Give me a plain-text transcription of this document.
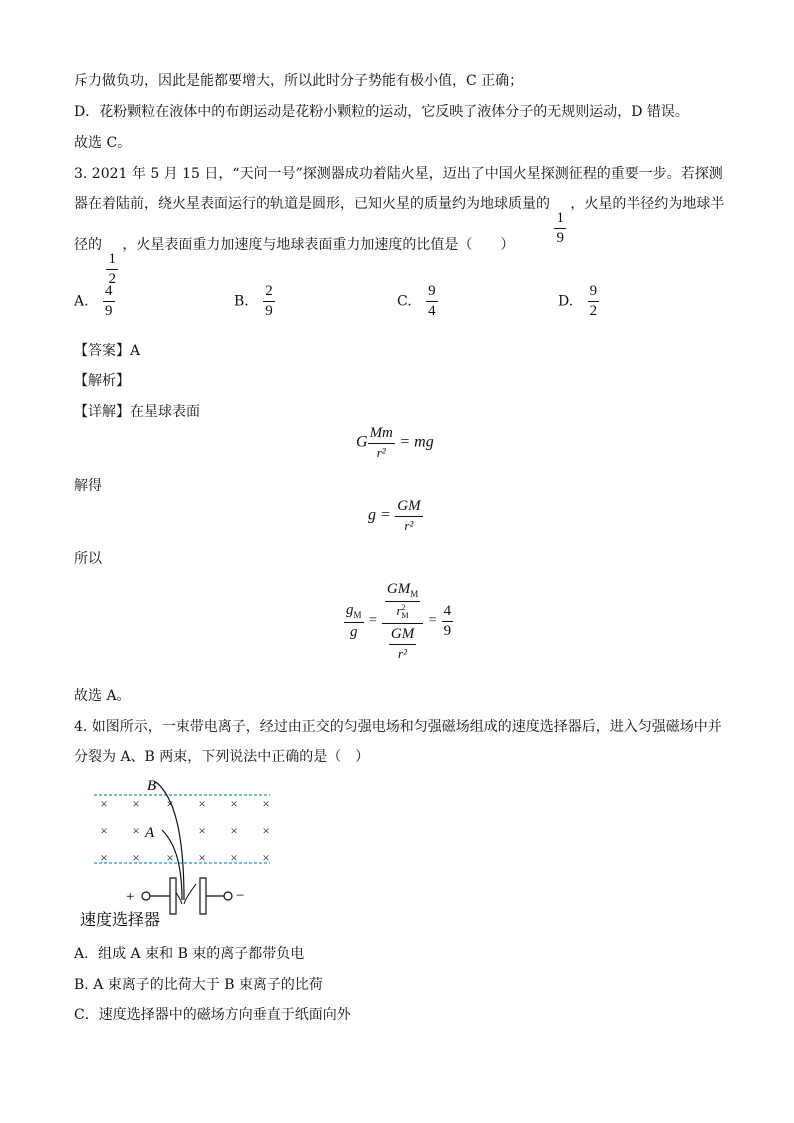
斥力做负功，因此是能都要增大，所以此时分子势能有极小值，C 正确；
D．花粉颗粒在液体中的布朗运动是花粉小颗粒的运动，它反映了液体分子的无规则运动，D 错误。
故选 C。
3. 2021 年 5 月 15 日，“天问一号”探测器成功着陆火星，迈出了中国火星探测征程的重要一步。若探测
器在着陆前，绕火星表面运行的轨道是圆形，已知火星的质量约为地球质量的
$\frac{1}{9}$
，火星的半径约为地球半
径的
$\frac{1}{2}$
，火星表面重力加速度与地球表面重力加速度的比值是（　　）
A. $\frac{4}{9}$	B. $\frac{2}{9}$	C. $\frac{9}{4}$	D. $\frac{9}{2}$
【答案】A
【解析】
【详解】在星球表面
G $\frac{Mm}{\text{r²}}$ = mg
解得
$g = \frac{GM}{\text{r²}}$
所以
$\frac{g_M}{g} = GM_M$
r 2
M
$\frac{GM}{\text{r²}} = \frac{4}{9}$
故选 A。
4. 如图所示，一束带电离子，经过由正交的匀强电场和匀强磁场组成的速度选择器后，进入匀强磁场中并
分裂为 A、B 两束，下列说法中正确的是（　）
× × × × × ×
× ×	× × ×
× × × × × ×
B
A
+	−
速度选择器
A．组成 A 束和 B 束的离子都带负电
B. A 束离子的比荷大于 B 束离子的比荷
C．速度选择器中的磁场方向垂直于纸面向外
